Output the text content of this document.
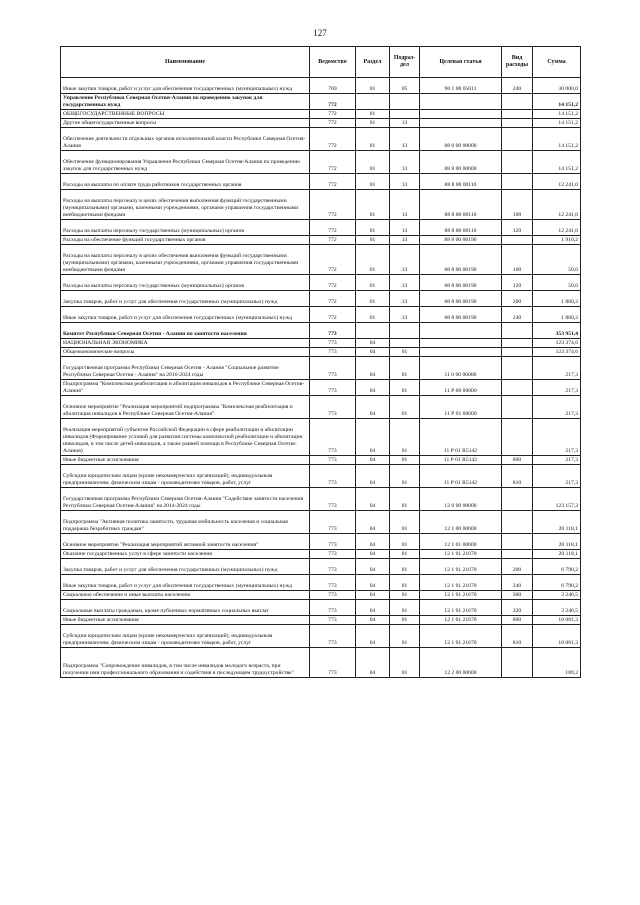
127
Наименование	Ведомство	Раздел	Подраз-дел	Целевая статья	Вид расходы	Сумма
Иные закупки товаров, работ и услуг для обеспечения государственных (муниципальных) нужд	769	01	05	90 1 00 05011	240	30 000,0
Управление Республики Северная Осетия-Алания по проведению закупок для государственных нужд	772					14 151,2
ОБЩЕГОСУДАРСТВЕННЫЕ ВОПРОСЫ	772	01				14 151,2
Другие общегосударственные вопросы	772	01	13			14 151,2
Обеспечение деятельности отдельных органов исполнительной власти Республики Северная Осетия-Алания	772	01	13	88 0 00 00000		14 151,2
Обеспечение функционирования Управления Республики Северная Осетия-Алания по проведению закупок для государственных нужд	772	01	13	88 8 00 00000		14 151,2
Расходы на выплаты по оплате труда работников государственных органов	772	01	13	88 8 00 00110		12 241,0
Расходы на выплаты персоналу в целях обеспечения выполнения функций государственными (муниципальными) органами, казенными учреждениями, органами управления государственными внебюджетными фондами	772	01	13	88 8 00 00110	100	12 241,0
Расходы на выплаты персоналу государственных (муниципальных) органов	772	01	13	88 8 00 00110	120	12 241,0
Расходы на обеспечение функций государственных органов	772	01	13	88 8 00 00190		1 910,2
Расходы на выплаты персоналу в целях обеспечения выполнения функций государственными (муниципальными) органами, казенными учреждениями, органами управления государственными внебюджетными фондами	772	01	13	88 8 00 00190	100	50,0
Расходы на выплаты персоналу государственных (муниципальных) органов	772	01	13	88 8 00 00190	120	50,0
Закупка товаров, работ и услуг для обеспечения государственных (муниципальных) нужд	772	01	13	88 8 00 00190	200	1 860,2
Иные закупки товаров, работ и услуг для обеспечения государственных (муниципальных) нужд	772	01	13	88 8 00 00190	240	1 860,2
Комитет Республики Северная Осетия - Алания по занятости населения	773					353 951,4
НАЦИОНАЛЬНАЯ ЭКОНОМИКА	773	04				123 374,6
Общеэкономические вопросы	773	04	01			123 374,6
Государственная программа Республики Северная Осетия - Алания "Социальное развитие Республики Северная Осетия - Алания" на 2016-2024 годы	773	04	01	11 0 00 00000		217,3
Подпрограмма "Комплексная реабилитация и абилитация инвалидов в Республике Северная Осетия-Алания"	773	04	01	11 Р 00 00000		217,3
Основное мероприятие "Реализация мероприятий подпрограммы "Комплексная реабилитация и абилитация инвалидов в Республике Северная Осетия-Алания"	773	04	01	11 Р 01 00000		217,3
Реализация мероприятий субъектов Российской Федерации в сфере реабилитации и абилитации инвалидов (Формирование условий для развития системы комплексной реабилитации и абилитации инвалидов, в том числе детей-инвалидов, а также ранней помощи в Республике Северная Осетия-Алания)	773	04	01	11 Р 01 R5142		217,3
Иные бюджетные ассигнования	773	04	01	11 Р 01 R5142	800	217,3
Субсидии юридическим лицам (кроме некоммерческих организаций), индивидуальным предпринимателям, физическим лицам - производителям товаров, работ, услуг	773	04	01	11 Р 01 R5142	810	217,3
Государственная программа Республики Северная Осетия-Алания "Содействие занятости населения Республики Северная Осетия-Алания" на 2014-2024 годы	773	04	01	12 0 00 00000		123 157,3
Подпрограмма "Активная политика занятости, трудовая мобильность населения и социальная поддержка безработных граждан"	773	04	01	12 1 00 00000		20 118,1
Основное мероприятие "Реализация мероприятий активной занятости населения"	773	04	01	12 1 01 00000		20 118,1
Оказание государственных услуг в сфере занятости населения	773	04	01	12 1 01 21670		20 118,1
Закупка товаров, работ и услуг для обеспечения государственных (муниципальных) нужд	773	04	01	12 1 01 21670	200	6 790,2
Иные закупки товаров, работ и услуг для обеспечения государственных (муниципальных) нужд	773	04	01	12 1 01 21670	240	6 790,2
Социальное обеспечение и иные выплаты населению	773	04	01	12 1 01 21670	300	3 246,5
Социальные выплаты гражданам, кроме публичных нормативных социальных выплат	773	04	01	12 1 01 21670	320	3 246,5
Иные бюджетные ассигнования	773	04	01	12 1 01 21670	800	10 081,3
Субсидии юридическим лицам (кроме некоммерческих организаций), индивидуальным предпринимателям, физическим лицам - производителям товаров, работ, услуг	773	04	01	12 1 01 21670	810	10 081,3
Подпрограмма "Сопровождение инвалидов, в том числе инвалидов молодого возраста, при получении ими профессионального образования и содействия в последующем трудоустройстве"	773	04	01	12 2 00 00000		189,2
